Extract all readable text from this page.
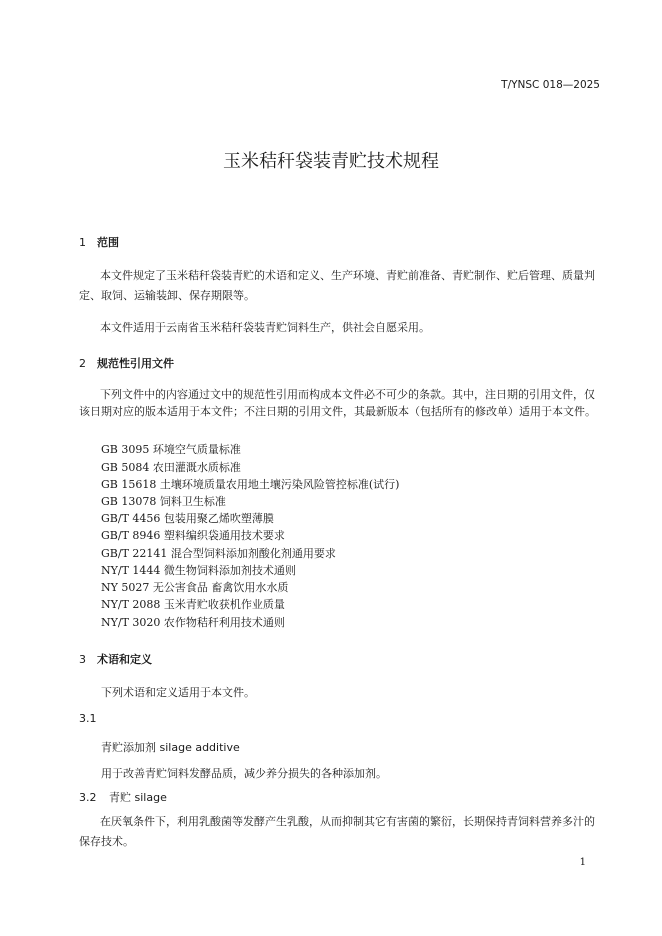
T/YNSC 018—2025
玉米秸秆袋装青贮技术规程
1 范围
本文件规定了玉米秸秆袋装青贮的术语和定义、生产环境、青贮前准备、青贮制作、贮后管理、质量判定、取饲、运输装卸、保存期限等。
本文件适用于云南省玉米秸秆袋装青贮饲料生产，供社会自愿采用。
2 规范性引用文件
下列文件中的内容通过文中的规范性引用而构成本文件必不可少的条款。其中，注日期的引用文件，仅该日期对应的版本适用于本文件；不注日期的引用文件，其最新版本（包括所有的修改单）适用于本文件。
GB 3095 环境空气质量标准
GB 5084 农田灌溉水质标准
GB 15618 土壤环境质量农用地土壤污染风险管控标准(试行)
GB 13078 饲料卫生标准
GB/T 4456 包装用聚乙烯吹塑薄膜
GB/T 8946 塑料编织袋通用技术要求
GB/T 22141 混合型饲料添加剂酸化剂通用要求
NY/T 1444 微生物饲料添加剂技术通则
NY 5027 无公害食品 畜禽饮用水水质
NY/T 2088 玉米青贮收获机作业质量
NY/T 3020 农作物秸秆利用技术通则
3 术语和定义
下列术语和定义适用于本文件。
3.1
青贮添加剂 silage additive
用于改善青贮饲料发酵品质，减少养分损失的各种添加剂。
3.2 青贮 silage
在厌氧条件下，利用乳酸菌等发酵产生乳酸，从而抑制其它有害菌的繁衍，长期保持青饲料营养多汁的保存技术。
1
